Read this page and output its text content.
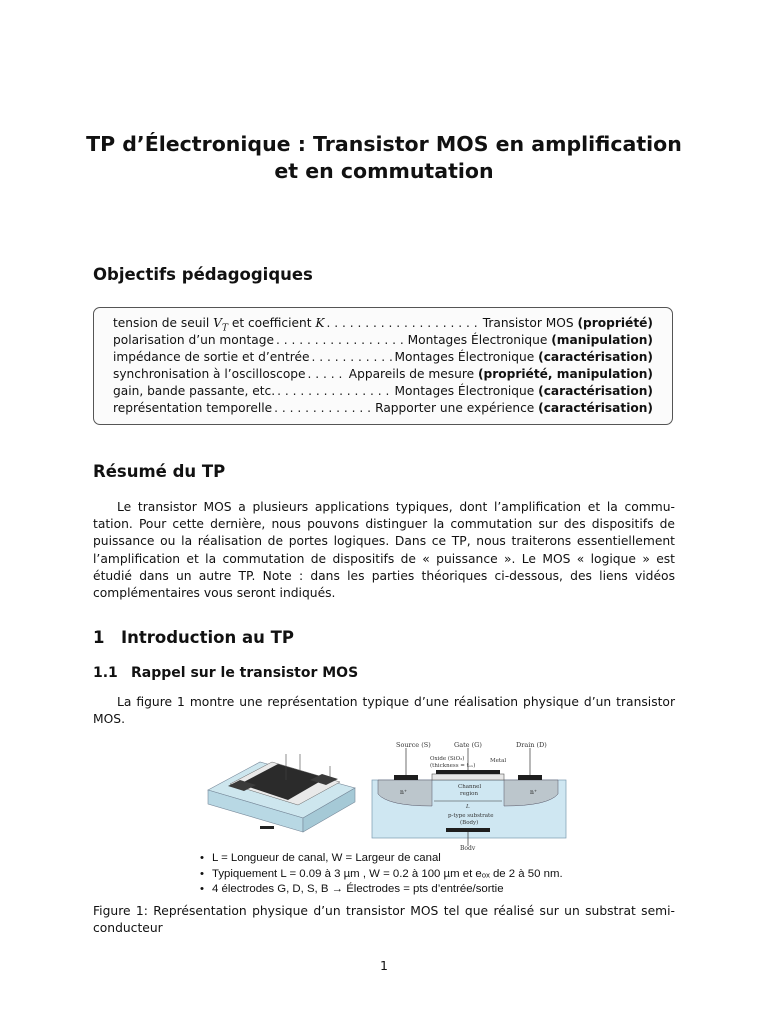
TP d’Électronique : Transistor MOS en amplification et en commutation
Objectifs pédagogiques
tension de seuil $V_T$ et coefficient K . . .	Transistor MOS (propriété)
polarisation d’un montage . . .	Montages Électronique (manipulation)
impédance de sortie et d’entrée . . .	Montages Électronique (caractérisation)
synchronisation à l’oscilloscope . . .	Appareils de mesure (propriété, manipulation)
gain, bande passante, etc. . . .	Montages Électronique (caractérisation)
représentation temporelle . . .	Rapporter une expérience (caractérisation)
Résumé du TP

Le transistor MOS a plusieurs applications typiques, dont l’amplification et la commu- tation. Pour cette dernière, nous pouvons distinguer la commutation sur des dispositifs de puissance ou la réalisation de portes logiques. Dans ce TP, nous traiterons essentiellement l’amplification et la commutation de dispositifs de « puissance ». Le MOS « logique » est étudié dans un autre TP. Note : dans les parties théoriques ci-dessous, des liens vidéos complémentaires vous seront indiqués.

1 Introduction au TP
1.1 Rappel sur le transistor MOS

La figure 1 montre une représentation typique d’une réalisation physique d’un transistor MOS.

Source (S)	Gate (G)	Drain (D)
Oxide (SiO₂)
(thickness = tₒₓ)
Metal
n⁺	n⁺
Channel
region
L
p-type substrate
(Body)
Body
• L = Longueur de canal, W = Largeur de canal
• Typiquement L = 0.09 à 3 µm , W = 0.2 à 100 µm et eₒₓ de 2 à 50 nm.
• 4 électrodes G, D, S, B → Électrodes = pts d’entrée/sortie

Figure 1: Représentation physique d’un transistor MOS tel que réalisé sur un substrat semi-conducteur

1
